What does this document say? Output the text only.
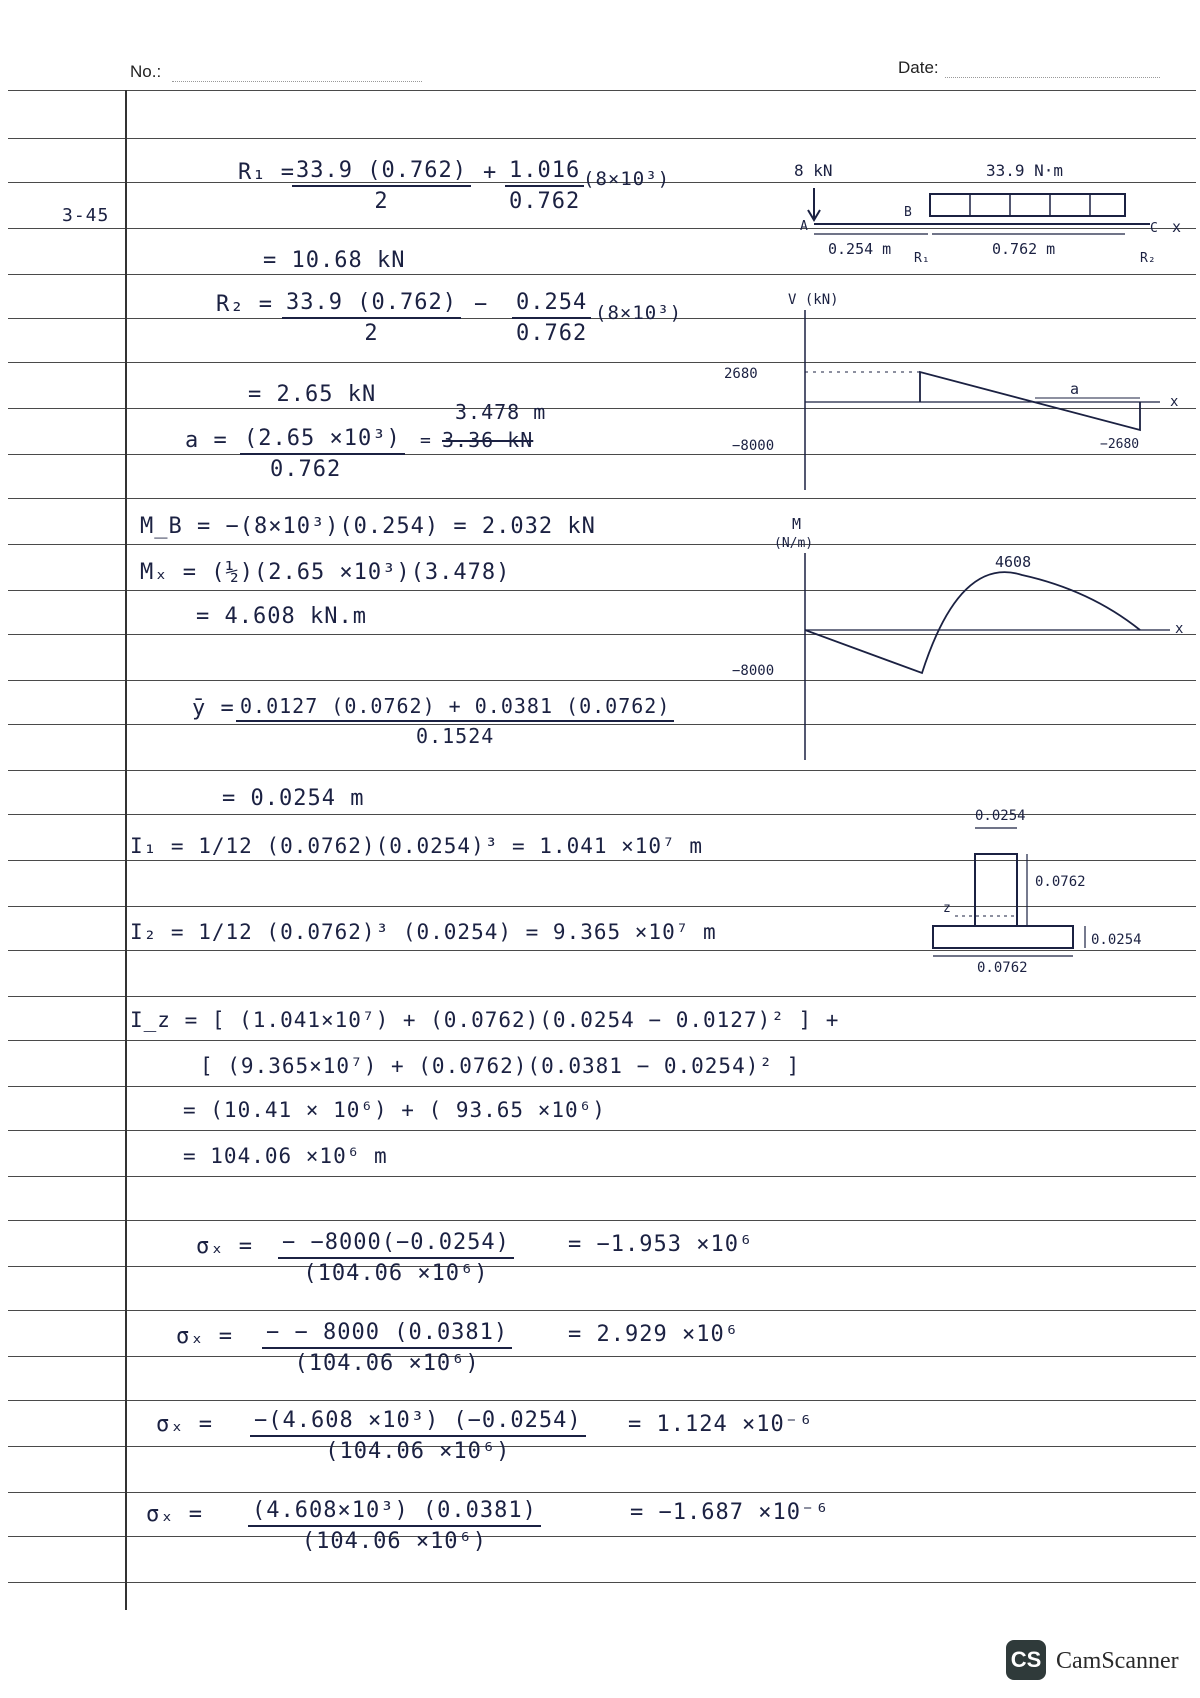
No.:	Date:
3-45
R₁ =
$\frac{33.9 (0.762)}{2} + \frac{1.016}{0.762}$
(8×10³)
= 10.68 kN
$R_2 = \frac{33.9 (0.762)}{2} - \frac{0.254}{0.762} (8\times 10^3)$
= 2.65 kN
3.478 m
$a = \frac{\text{(2.65 ×10³)}}{0.762} = 3.36$ kN
M_B = −(8×10³)(0.254) = 2.032 kN
Mₓ = (½)(2.65 ×10³)(3.478)
= 4.608 kN.m
ȳ = $\frac{0.0127 (0.0762) + 0.0381 (0.0762)}{0.1524}$
= 0.0254 m
I₁ = 1/12 (0.0762)(0.0254)³ = 1.041 ×10⁷ m
I₂ = 1/12 (0.0762)³ (0.0254) = 9.365 ×10⁷ m
I_z = [ (1.041×10⁷) + (0.0762)(0.0254 − 0.0127)² ] +
[ (9.365×10⁷) + (0.0762)(0.0381 − 0.0254)² ]
= (10.41 × 10⁶) + ( 93.65 ×10⁶)
= 104.06 ×10⁶ m
$\sigma_x = \frac{- -8000(-0.0254)}{\text{(104.06 ×10⁶)}} = -1.953 \times 10^6$
$\sigma_x = \frac{- - 8000 (0.0381)}{\text{(104.06 ×10⁶)}}$	= 2.929 ×10⁶
$\sigma_x = \frac{\text{−(4.608 ×10³) (−0.0254)}}{\text{(104.06 ×10⁶)}} = 1.124 \times 10^{-6}$
$\sigma_x = \frac{\text{(4.608×10³) (0.0381)}}{\text{(104.06 ×10⁶)}}$	= −1.687 ×10⁻⁶
8 kN	33.9 N·m
A
B
C x
0.254 m	0.762 m
R₁	R₂
V (kN)
x
2680
−8000	−2680
a
M
(N/m)
x
4608
−8000
0.0254
0.0762
z
0.0254
0.0762
CS CamScanner
